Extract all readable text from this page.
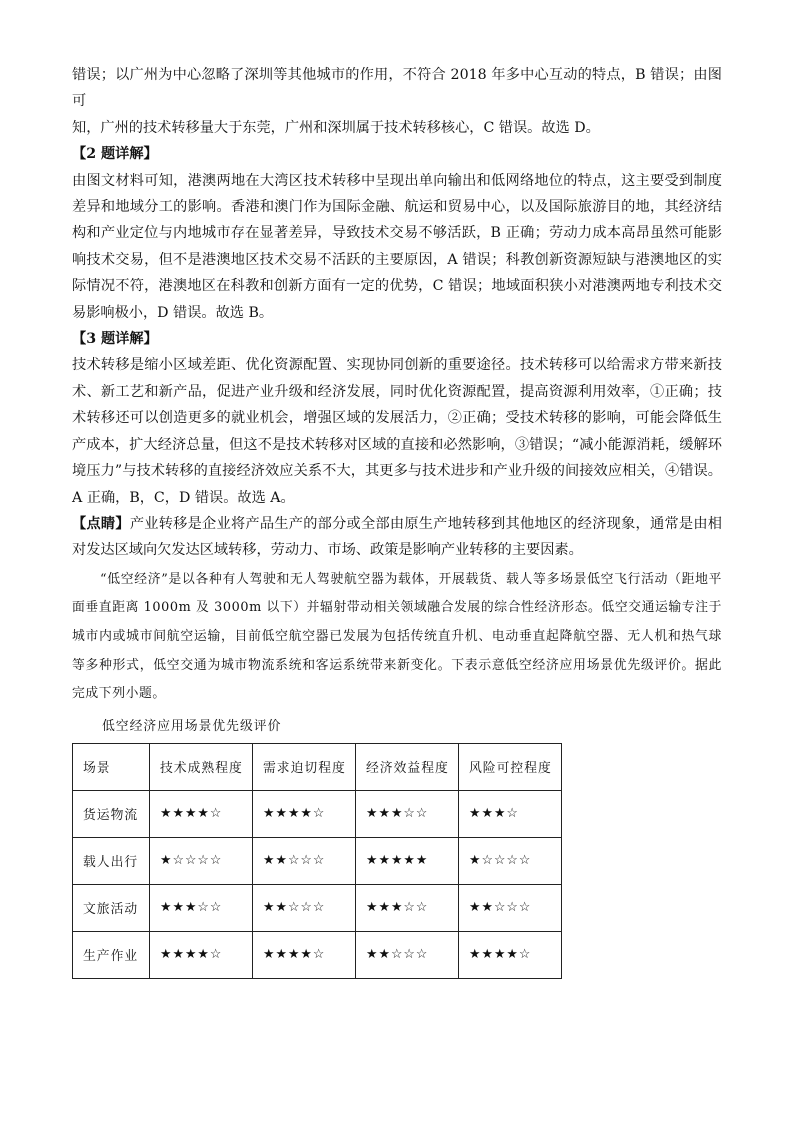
错误；以广州为中心忽略了深圳等其他城市的作用，不符合 2018 年多中心互动的特点，B 错误；由图可

知，广州的技术转移量大于东莞，广州和深圳属于技术转移核心，C 错误。故选 D。

【2 题详解】

由图文材料可知，港澳两地在大湾区技术转移中呈现出单向输出和低网络地位的特点，这主要受到制度差异和地域分工的影响。香港和澳门作为国际金融、航运和贸易中心，以及国际旅游目的地，其经济结构和产业定位与内地城市存在显著差异，导致技术交易不够活跃，B 正确；劳动力成本高昂虽然可能影响技术交易，但不是港澳地区技术交易不活跃的主要原因，A 错误；科教创新资源短缺与港澳地区的实际情况不符，港澳地区在科教和创新方面有一定的优势，C 错误；地域面积狭小对港澳两地专利技术交易影响极小，D 错误。故选 B。

【3 题详解】

技术转移是缩小区域差距、优化资源配置、实现协同创新的重要途径。技术转移可以给需求方带来新技术、新工艺和新产品，促进产业升级和经济发展，同时优化资源配置，提高资源利用效率，①正确；技术转移还可以创造更多的就业机会，增强区域的发展活力，②正确；受技术转移的影响，可能会降低生产成本，扩大经济总量，但这不是技术转移对区域的直接和必然影响，③错误；“减小能源消耗，缓解环境压力”与技术转移的直接经济效应关系不大，其更多与技术进步和产业升级的间接效应相关，④错误。A 正确，B，C，D 错误。故选 A。

【点睛】产业转移是企业将产品生产的部分或全部由原生产地转移到其他地区的经济现象，通常是由相对发达区域向欠发达区域转移，劳动力、市场、政策是影响产业转移的主要因素。

“低空经济”是以各种有人驾驶和无人驾驶航空器为载体，开展载货、载人等多场景低空飞行活动（距地平面垂直距离 1000m 及 3000m 以下）并辐射带动相关领域融合发展的综合性经济形态。低空交通运输专注于城市内或城市间航空运输，目前低空航空器已发展为包括传统直升机、电动垂直起降航空器、无人机和热气球等多种形式，低空交通为城市物流系统和客运系统带来新变化。下表示意低空经济应用场景优先级评价。据此完成下列小题。

低空经济应用场景优先级评价

场景	技术成熟程度	需求迫切程度	经济效益程度	风险可控程度
货运物流	★★★★☆	★★★★☆	★★★☆☆	★★★☆
载人出行	★☆☆☆☆	★★☆☆☆	★★★★★	★☆☆☆☆
文旅活动	★★★☆☆	★★☆☆☆	★★★☆☆	★★☆☆☆
生产作业	★★★★☆	★★★★☆	★★☆☆☆	★★★★☆
